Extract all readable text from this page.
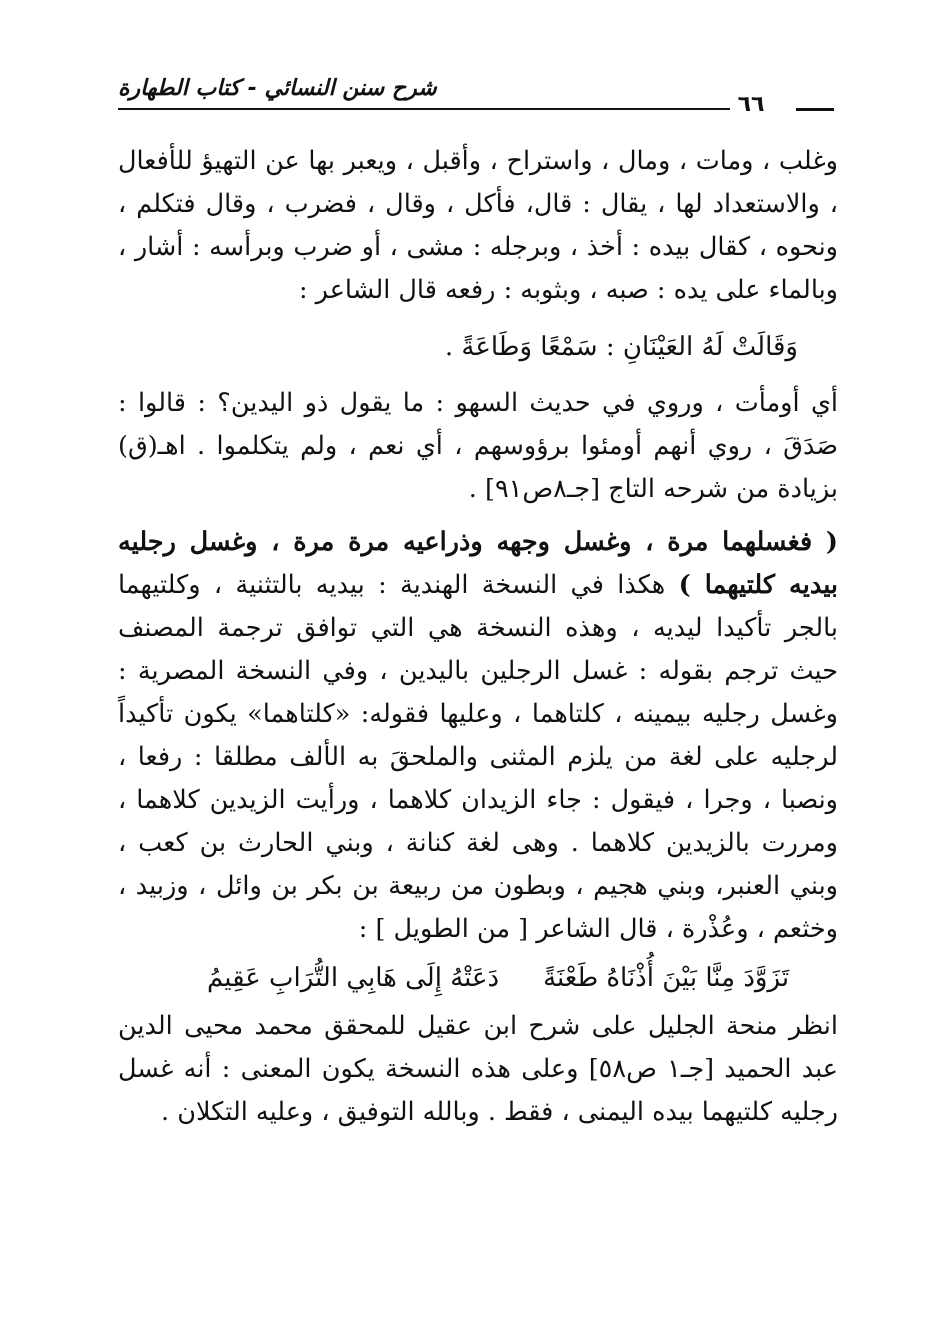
شرح سنن النسائي - كتاب الطهارة
٦٦

وغلب ، ومات ، ومال ، واستراح ، وأقبل ، ويعبر بها عن التهيؤ للأفعال ، والاستعداد لها ، يقال : قال، فأكل ، وقال ، فضرب ، وقال فتكلم ، ونحوه ، كقال بيده : أخذ ، وبرجله : مشى ، أو ضرب وبرأسه : أشار ، وبالماء على يده : صبه ، وبثوبه : رفعه قال الشاعر :

وَقَالَتْ لَهُ العَيْنَانِ : سَمْعًا وَطَاعَةً .

أي أومأت ، وروي في حديث السهو : ما يقول ذو اليدين؟ : قالوا : صَدَقَ ، روي أنهم أومئوا برؤوسهم ، أي نعم ، ولم يتكلموا . اهـ(ق) بزيادة من شرحه التاج [جـ٨ص٩١] .

( فغسلهما مرة ، وغسل وجهه وذراعيه مرة مرة ، وغسل رجليه بيديه كلتيهما ) هكذا في النسخة الهندية : بيديه بالتثنية ، وكلتيهما بالجر تأكيدا ليديه ، وهذه النسخة هي التي توافق ترجمة المصنف حيث ترجم بقوله : غسل الرجلين باليدين ، وفي النسخة المصرية : وغسل رجليه بيمينه ، كلتاهما ، وعليها فقوله: «كلتاهما» يكون تأكيداً لرجليه على لغة من يلزم المثنى والملحقَ به الألف مطلقا : رفعا ، ونصبا ، وجرا ، فيقول : جاء الزيدان كلاهما ، ورأيت الزيدين كلاهما ، ومررت بالزيدين كلاهما . وهى لغة كنانة ، وبني الحارث بن كعب ، وبني العنبر، وبني هجيم ، وبطون من ربيعة بن بكر بن وائل ، وزبيد ، وخثعم ، وعُذْرة ، قال الشاعر [ من الطويل ] :

تَزَوَّدَ مِنَّا بَيْنَ أُذْنَاهُ طَعْنَةً
دَعَتْهُ إِلَى هَابِي التُّرَابِ عَقِيمُ

انظر منحة الجليل على شرح ابن عقيل للمحقق محمد محيى الدين عبد الحميد [جـ١ ص٥٨] وعلى هذه النسخة يكون المعنى : أنه غسل رجليه كلتيهما بيده اليمنى ، فقط . وبالله التوفيق ، وعليه التكلان .
